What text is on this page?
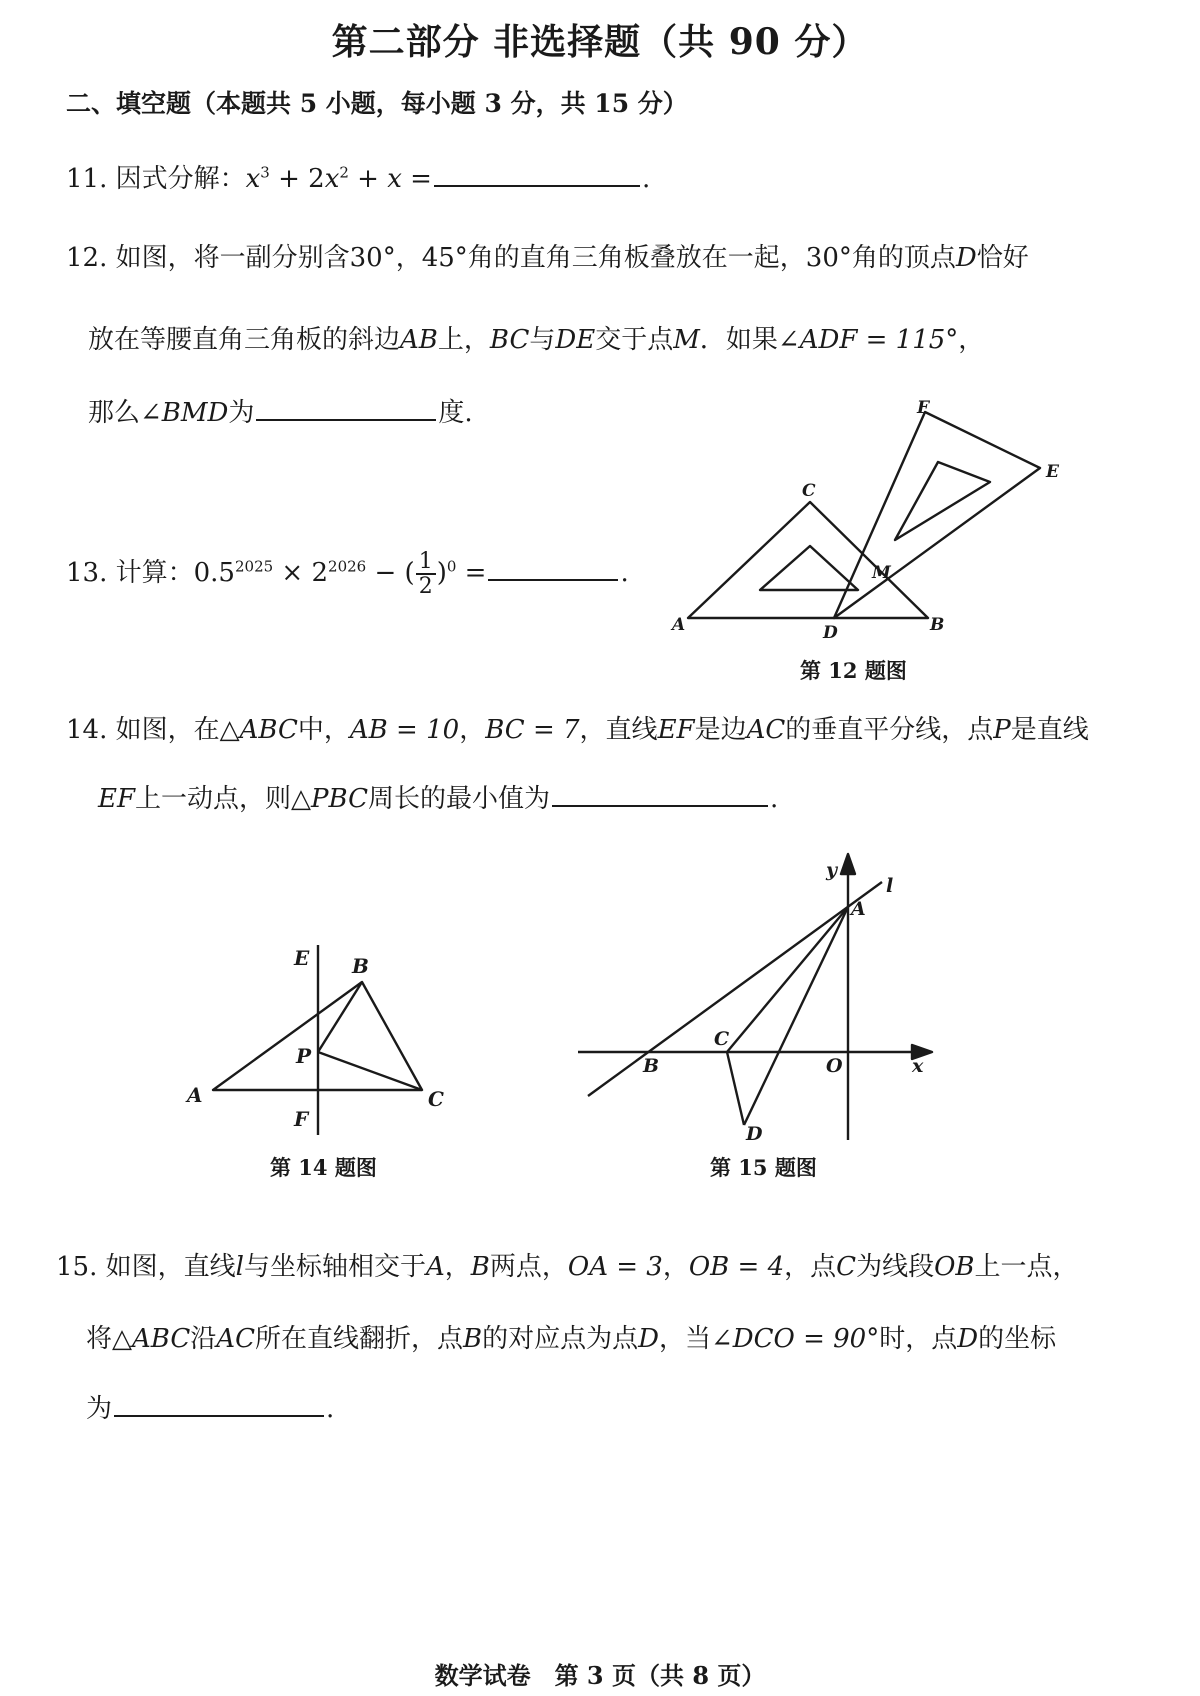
第二部分 非选择题（共 90 分）
二、填空题（本题共 5 小题，每小题 3 分，共 15 分）
11. 因式分解：$x^3 + 2x^2 + x$ =	.
12. 如图，将一副分别含30°，45°角的直角三角板叠放在一起，30°角的顶点D恰好
放在等腰直角三角板的斜边AB上，BC与DE交于点M．如果∠ADF = 115°，
那么∠BMD为	度.
13. 计算：$0.5^{2025} \times 2^{2026}$ − ( $\frac{1}{2} )^0$ =	.
A	B
C
D
E
F
M
第 12 题图
14. 如图，在△ABC中，AB = 10，BC = 7，直线EF是边AC的垂直平分线，点P是直线
EF上一动点，则△PBC周长的最小值为	.
A
B
C
E
F
P
第 14 题图
A
B
C
D
O	x
y
l
第 15 题图
15. 如图，直线l与坐标轴相交于A，B两点，OA = 3，OB = 4，点C为线段OB上一点，
将△ABC沿AC所在直线翻折，点B的对应点为点D，当∠DCO = 90°时，点D的坐标
为	.
数学试卷　第 3 页（共 8 页）
